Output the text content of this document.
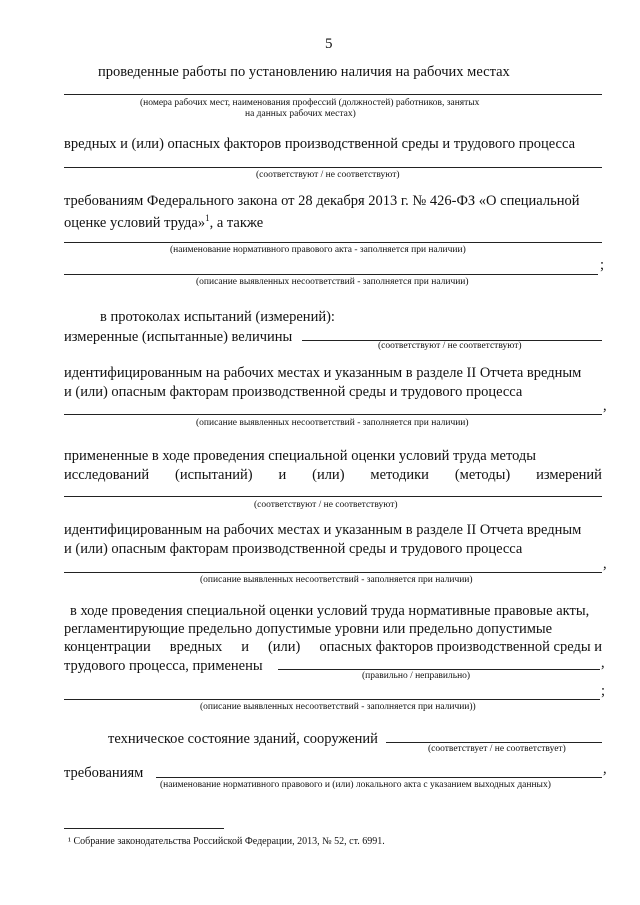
5
проведенные работы по установлению наличия на рабочих местах
(номера рабочих мест, наименования профессий (должностей) работников, занятых
на данных рабочих местах)
вредных и (или) опасных факторов производственной среды и трудового процесса
(соответствуют / не соответствуют)
требованиям Федерального закона от 28 декабря 2013 г. № 426-ФЗ «О специальной
оценке условий труда»$^1$, а также
(наименование нормативного правового акта - заполняется при наличии)
;
(описание выявленных несоответствий - заполняется при наличии)
в протоколах испытаний (измерений):
измеренные (испытанные) величины
(соответствуют / не соответствуют)
идентифицированным на рабочих местах и указанным в разделе II Отчета вредным
и (или) опасным факторам производственной среды и трудового процесса
,
(описание выявленных несоответствий - заполняется при наличии)
примененные в ходе проведения специальной оценки условий труда методы
исследований (испытаний) и (или) методики (методы) измерений
(соответствуют / не соответствуют)
идентифицированным на рабочих местах и указанным в разделе II Отчета вредным
и (или) опасным факторам производственной среды и трудового процесса
,
(описание выявленных несоответствий - заполняется при наличии)
в ходе проведения специальной оценки условий труда нормативные правовые акты,
регламентирующие предельно допустимые уровни или предельно допустимые
концентрации вредных и (или) опасных факторов производственной среды и
трудового процесса, применены	,
(правильно / неправильно)
;
(описание выявленных несоответствий - заполняется при наличии))
техническое состояние зданий, сооружений
(соответствует / не соответствует)
требованиям	,
(наименование нормативного правового и (или) локального акта с указанием выходных данных)
¹ Собрание законодательства Российской Федерации, 2013, № 52, ст. 6991.
